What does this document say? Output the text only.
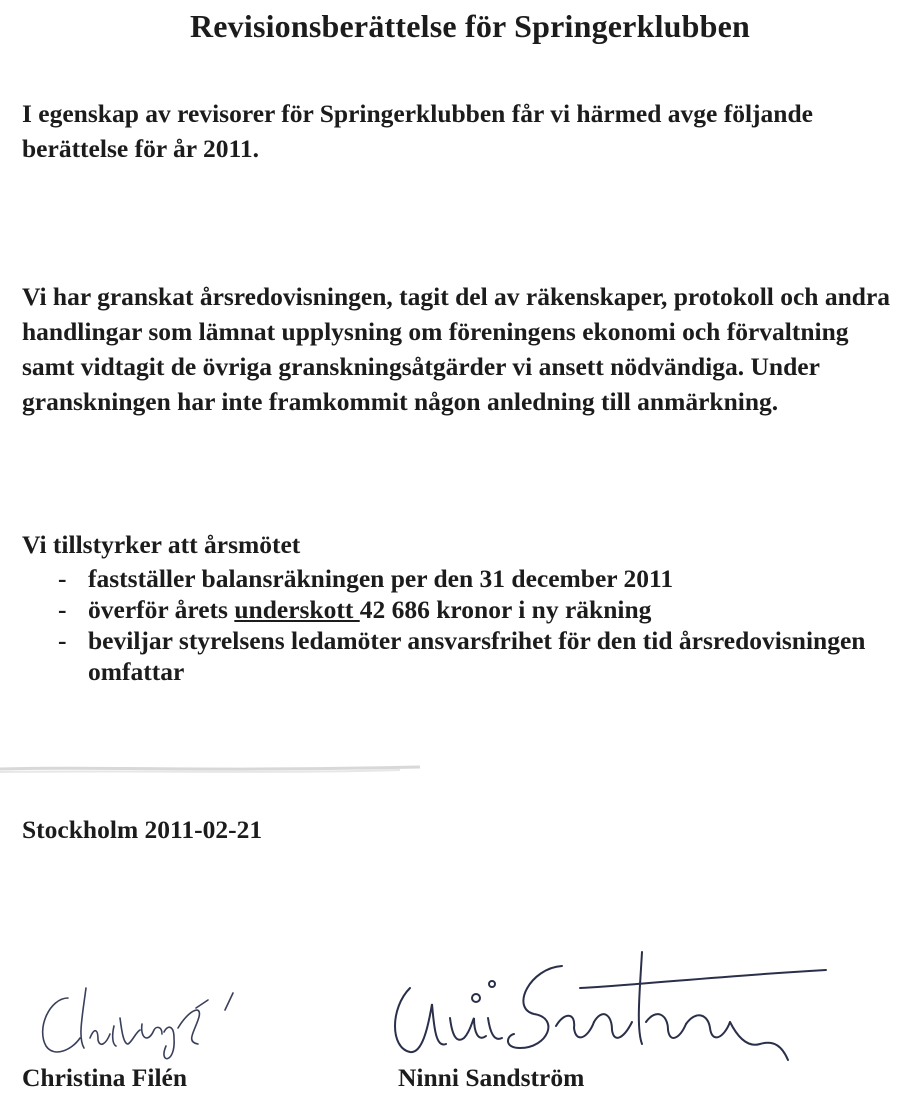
Revisionsberättelse för Springerklubben

I egenskap av revisorer för Springerklubben får vi härmed avge följande berättelse för år 2011.

Vi har granskat årsredovisningen, tagit del av räkenskaper, protokoll och andra handlingar som lämnat upplysning om föreningens ekonomi och förvaltning samt vidtagit de övriga granskningsåtgärder vi ansett nödvändiga. Under granskningen har inte framkommit någon anledning till anmärkning.

Vi tillstyrker att årsmötet
- fastställer balansräkningen per den 31 december 2011
- överför årets underskott 42 686 kronor i ny räkning
- beviljar styrelsens ledamöter ansvarsfrihet för den tid årsredovisningen omfattar
Stockholm 2011-02-21
Christina Filén	Ninni Sandström
